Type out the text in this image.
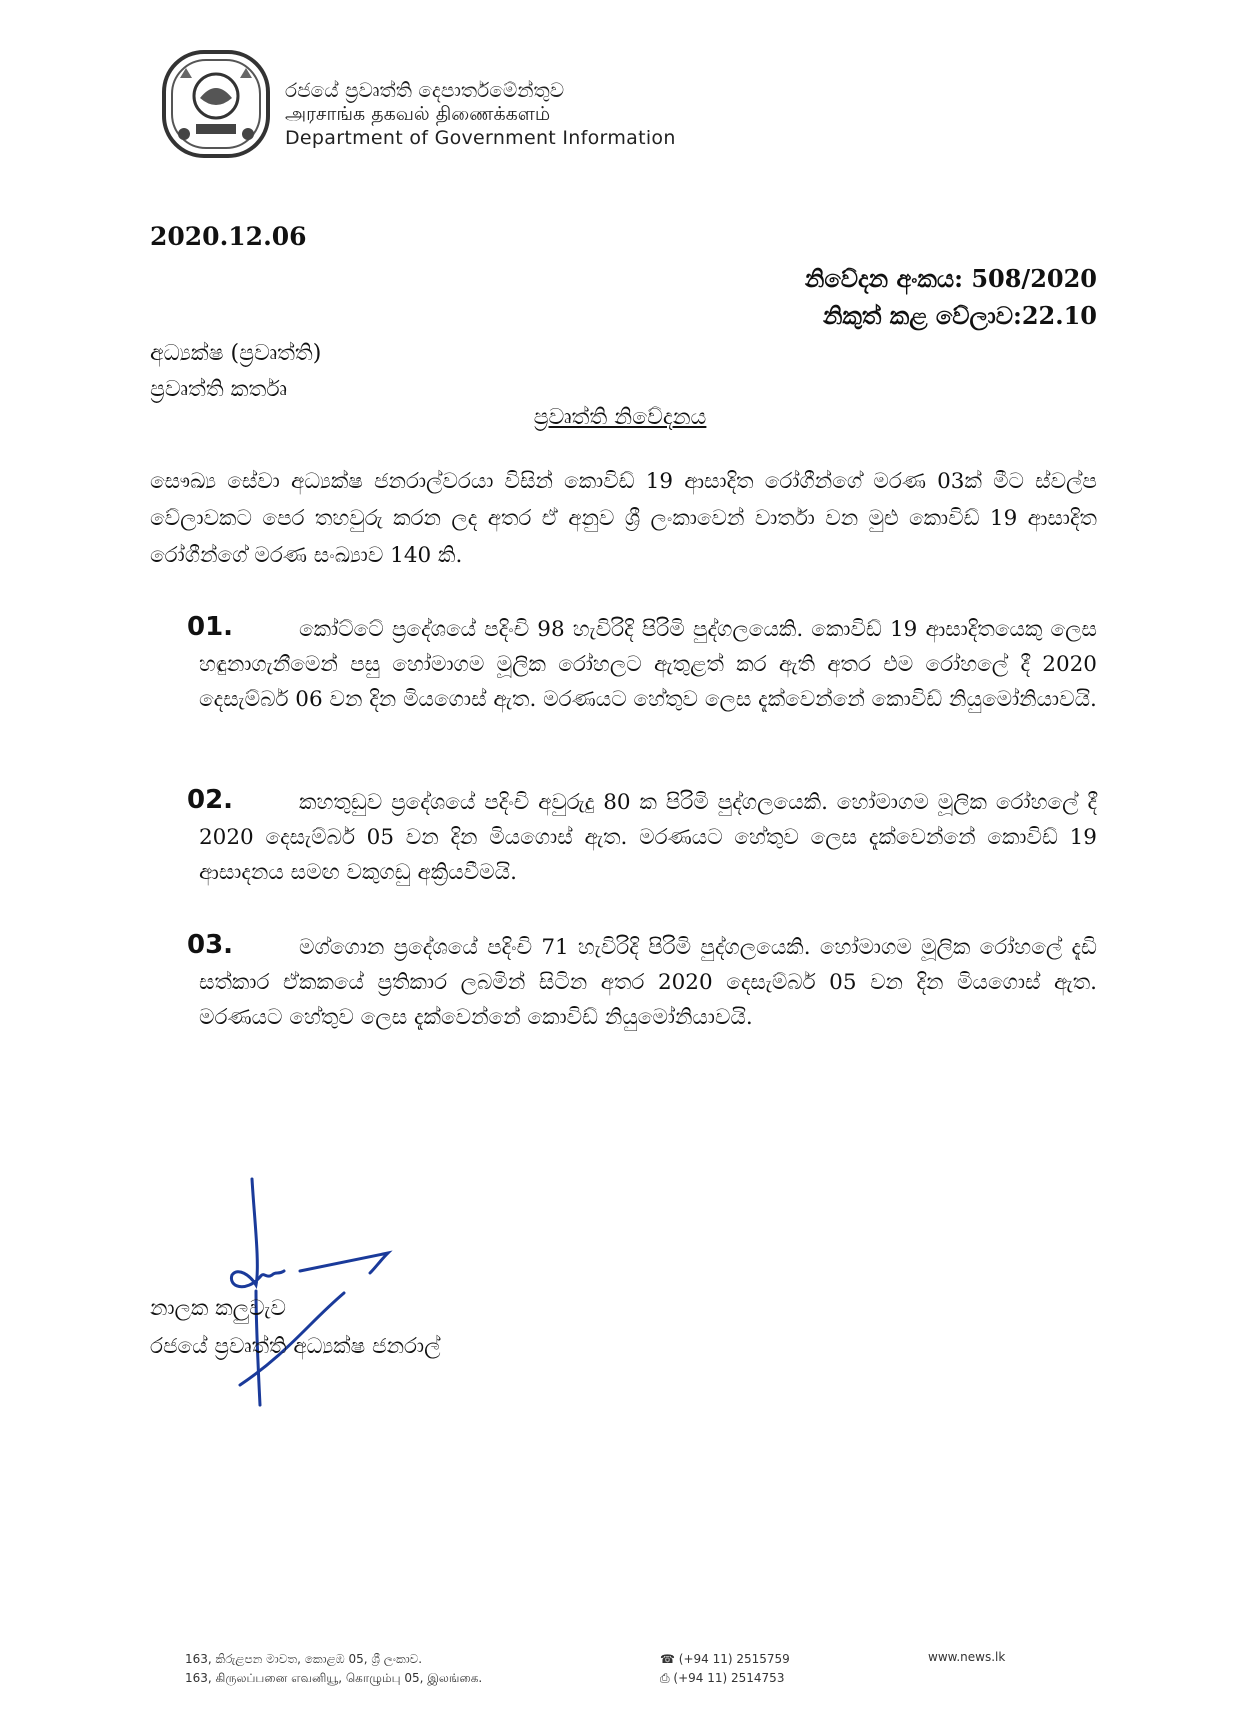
රජයේ ප්‍රවෘත්ති දෙපාර්තමේන්තුව
அரசாங்க தகவல் திணைக்களம்
Department of Government Information
2020.12.06
නිවේදන අංකය: 508/2020
නිකුත් කළ වේලාව:22.10
අධ්‍යක්ෂ (ප්‍රවෘත්ති)
ප්‍රවෘත්ති කර්තෘ
ප්‍රවෘත්ති නිවේදනය
සෞඛ්‍ය සේවා අධ්‍යක්ෂ ජනරාල්වරයා විසින් කොවිඩ් 19 ආසාදිත රෝගීන්ගේ මරණ 03ක් මීට ස්වල්ප වේලාවකට පෙර තහවුරු කරන ලද අතර ඒ අනුව ශ්‍රී ලංකාවෙන් වාර්තා වන මුළු කොවිඩ් 19 ආසාදිත රෝගීන්ගේ මරණ සංඛ්‍යාව 140 කි.
01.	කෝට්ටේ ප්‍රදේශයේ පදිංචි 98 හැවිරිදි පිරිමි පුද්ගලයෙකි. කොවිඩ් 19 ආසාදිතයෙකු ලෙස හඳුනාගැනීමෙන් පසු හෝමාගම මූලික රෝහලට ඇතුළත් කර ඇති අතර එම රෝහලේ දී 2020 දෙසැම්බර් 06 වන දින මියගොස් ඇත. මරණයට හේතුව ලෙස දැක්වෙන්නේ කොවිඩ් නියුමෝනියාවයි.
02.	කහතුඩුව ප්‍රදේශයේ පදිංචි අවුරුදු 80 ක පිරිමි පුද්ගලයෙකි. හෝමාගම මූලික රෝහලේ දී 2020 දෙසැම්බර් 05 වන දින මියගොස් ඇත. මරණයට හේතුව ලෙස දැක්වෙන්නේ කොවිඩ් 19 ආසාදනය සමඟ වකුගඩු අක්‍රියවීමයි.
03.	මග්ගොන ප්‍රදේශයේ පදිංචි 71 හැවිරිදි පිරිමි පුද්ගලයෙකි. හෝමාගම මූලික රෝහලේ දැඩි සත්කාර ඒකකයේ ප්‍රතිකාර ලබමින් සිටින අතර 2020 දෙසැම්බර් 05 වන දින මියගොස් ඇත. මරණයට හේතුව ලෙස දැක්වෙන්නේ කොවිඩ් නියුමෝනියාවයි.
නාලක කලුවැව
රජයේ ප්‍රවෘත්ති අධ්‍යක්ෂ ජනරාල්
163, කිරුළපන මාවත, කොළඹ 05, ශ්‍රී ලංකාව.
163, கிருலப்பனை எவனியூ, கொழும்பு 05, இலங்கை.
☎ (+94 11) 2515759
⎙ (+94 11) 2514753
www.news.lk
